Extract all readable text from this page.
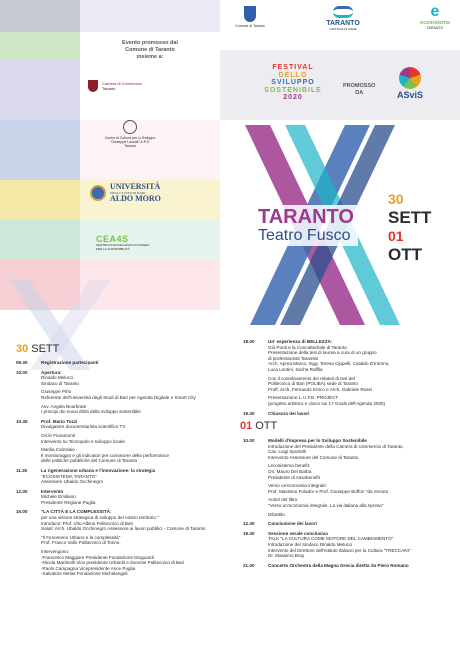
Evento promosso dal
Comune di Taranto
insieme a:
Camera di Commercio
Taranto
Centro di Cultura per lo Sviluppo
"Giuseppe Lazzati" A.P.S.
Taranto
UNIVERSITÀ
DEGLI STUDI DI BARI
ALDO MORO
CEA4S
CENTRO DI ECCELLENZA DI ATENEO
PER LA SOSTENIBILITÀ
Comune di Taranto	TARANTO
CAPITALE DI MARE
e
ecosistema
TARANTO
FESTIVAL
DELLO
SVILUPPO
SOSTENIBILE
2020
PROMOSSO
DA	ASviS
TARANTO
Teatro Fusco
30
SETT
01
OTT
30 SETT
09.30	Registrazione partecipanti
10.00	Apertura:
Rinaldo Melucci
Sindaco di Taranto
Giuseppe Pirlo
Referente dell'Università degli Studi di Bari per Agenda Digitale e Smart City
Avv. Angela Bourbrate
I principi dei nuovi diritti della sviluppo sostenibile
10.45	Prof. Mario Tozzi
Divulgatore documentarista scientifico TV
On.le Fioramonti
Intervento su Tecnopolo e sviluppo locale
Marilia Calzolaio
Il monitoraggio e gli indicatori per conoscere della performance
delle politiche pubbliche del Comune di Taranto
11.30	La rigenerazione urbana e l'innovazione: la strategia
"ECOSISTEMA TARANTO"
Assessore Ubaldo Occhinegro
12.00	Intervento
Michele Emiliano
Presidente Regione Puglia
15.00	"LA CITTÀ E LA COMPLESSITÀ:
per una visione strategica di sviluppo del nostro territorio "
Introduce: Prof. Vito Albino Politecnico di Bari
Saluti: Arch. Ubaldo Occhinegro Assessore ai lavori pubblici - Comune di Taranto
"Il Fenomeno Urbano e la complessità"
Prof. Franco Vallo Politecnico di Torino
Intervengono:
-Francesco Maggiore Presidente Fondazione Dioguardi
-Nicola Martinelli Vice presidente Urbanlit e docente Politecnico di Bari
-Paolo Campagna Vicepresidente Ance Puglia
-Salvatore Melas Fondazione Michelangeli
18.00	Un' esperienza di BELLEZZA:
Giò Ponti e la Concattedrale di Taranto
Presentazione della tesi di laurea a cura di un gruppo
di professionisti Tarantini
Arch. Aprea Marco, Ingg. Teresa Cippelli, Cataldo D'Introno,
Luca Lentini, Sacha Raffila
Con il coordinamento dei relatori di tesi del
Politecnico di Bari (POLIBA) sede di Taranto
Proff. Arch. Fernando Errico e Arch. Gabriele Rossi
Presentazione L.I.I.F.E. PROJECT
(progetto artistico e civico sui 17 Goals dell'Agenda 2030)
19.30	Chiusura dei lavori
01 OTT
10.00	Modelli d'impresa per lo Sviluppo Sostenibile
Introduzione del Presidente della Camera di commercio di Taranto,
Cav. Luigi Sportelli
Intervento Assessore del Comune di Taranto
Lecosistema benefit:
On. Mauro Del Barba
Presidente di Assobenefit
Verso un'economia integrale:
Prof. Massimo Folador e Prof. Giuseppe Buffon *da remoto
Autori del libro
"Verso un'economia integrale. La via italiana alla ripresa"
Dibattito
12.30	Conclusione dei lavori
19.30	Sessione serale conclusiva
TALK "LA CULTURA COME MOTORE DEL CAMBIAMENTO"
Introduzione del Sindaco Rinaldo Melucci
Intervento del Direttore dell'Istituto Italiano per la Cultura "TRECCANI"
Dr. Massimo Bray
21.00	Concerto Orchestra della Magna Grecia diretta da Piero Romano
